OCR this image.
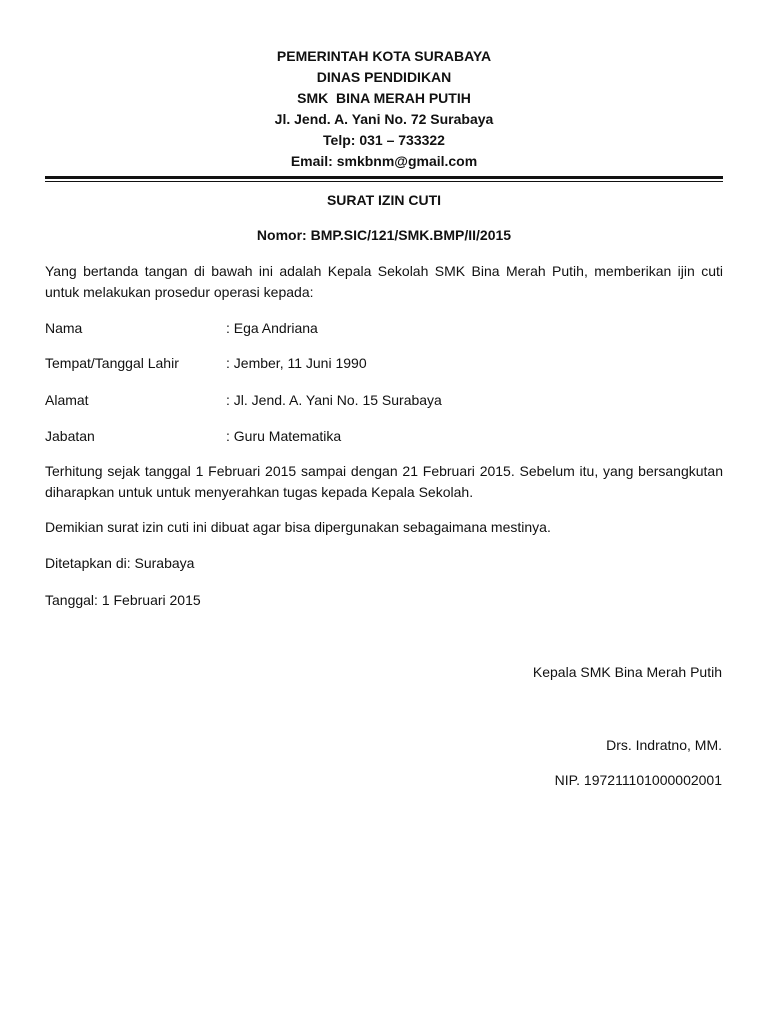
PEMERINTAH KOTA SURABAYA
DINAS PENDIDIKAN
SMK  BINA MERAH PUTIH
Jl. Jend. A. Yani No. 72 Surabaya
Telp: 031 – 733322
Email: smkbnm@gmail.com
SURAT IZIN CUTI
Nomor: BMP.SIC/121/SMK.BMP/II/2015
Yang bertanda tangan di bawah ini adalah Kepala Sekolah SMK Bina Merah Putih, memberikan ijin cuti untuk melakukan prosedur operasi kepada:
Nama	: Ega Andriana
Tempat/Tanggal Lahir	: Jember, 11 Juni 1990
Alamat	: Jl. Jend. A. Yani No. 15 Surabaya
Jabatan	: Guru Matematika
Terhitung sejak tanggal 1 Februari 2015 sampai dengan 21 Februari 2015. Sebelum itu, yang bersangkutan diharapkan untuk untuk menyerahkan tugas kepada Kepala Sekolah.
Demikian surat izin cuti ini dibuat agar bisa dipergunakan sebagaimana mestinya.
Ditetapkan di: Surabaya
Tanggal: 1 Februari 2015
Kepala SMK Bina Merah Putih
Drs. Indratno, MM.
NIP. 197211101000002001
